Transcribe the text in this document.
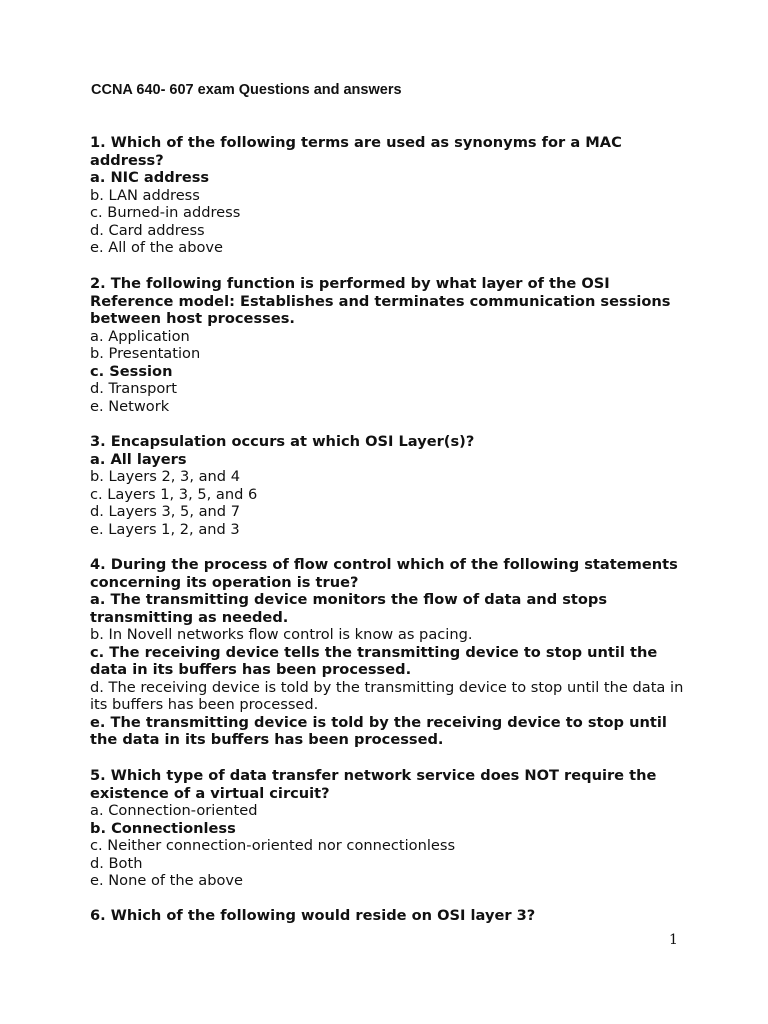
CCNA 640- 607 exam Questions and answers

1. Which of the following terms are used as synonyms for a MAC address?

a. NIC address
b. LAN address
c. Burned-in address
d. Card address
e. All of the above

2. The following function is performed by what layer of the OSI Reference model: Establishes and terminates communication sessions between host processes.

a. Application
b. Presentation
c. Session
d. Transport
e. Network

3. Encapsulation occurs at which OSI Layer(s)?

a. All layers
b. Layers 2, 3, and 4
c. Layers 1, 3, 5, and 6
d. Layers 3, 5, and 7
e. Layers 1, 2, and 3

4. During the process of flow control which of the following statements concerning its operation is true?

a. The transmitting device monitors the flow of data and stops transmitting as needed.
b. In Novell networks flow control is know as pacing.
c. The receiving device tells the transmitting device to stop until the data in its buffers has been processed.
d. The receiving device is told by the transmitting device to stop until the data in its buffers has been processed.
e. The transmitting device is told by the receiving device to stop until the data in its buffers has been processed.

5. Which type of data transfer network service does NOT require the existence of a virtual circuit?

a. Connection-oriented
b. Connectionless
c. Neither connection-oriented nor connectionless
d. Both
e. None of the above

6. Which of the following would reside on OSI layer 3?

1
